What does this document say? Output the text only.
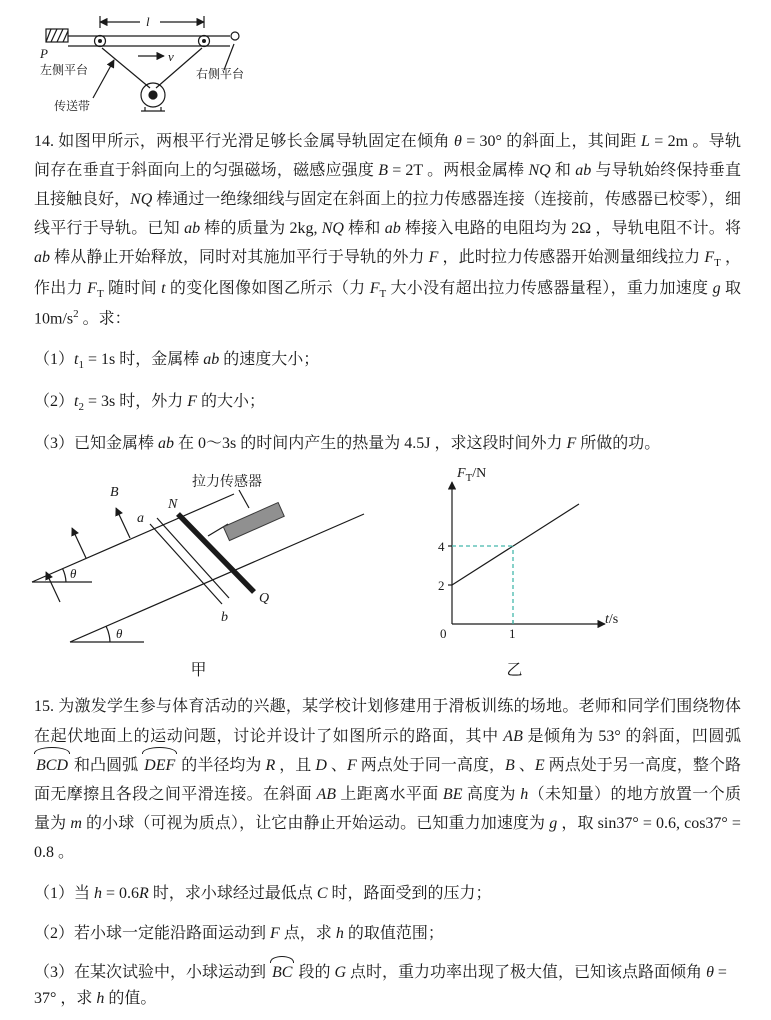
P
l
v
左侧平台	右侧平台
传送带

14. 如图甲所示，两根平行光滑足够长金属导轨固定在倾角 θ = 30° 的斜面上，其间距 L = 2m 。导轨间存在垂直于斜面向上的匀强磁场，磁感应强度 B = 2T 。两根金属棒 NQ 和 ab 与导轨始终保持垂直且接触良好，NQ 棒通过一绝缘细线与固定在斜面上的拉力传感器连接（连接前，传感器已校零），细线平行于导轨。已知 ab 棒的质量为 2kg, NQ 棒和 ab 棒接入电路的电阻均为 2Ω ，导轨电阻不计。将 ab 棒从静止开始释放，同时对其施加平行于导轨的外力 F ，此时拉力传感器开始测量细线拉力 $F_T$ ，作出力 $F_T$ 随时间 t 的变化图像如图乙所示（力 $F_T$ 大小没有超出拉力传感器量程），重力加速度 g 取 $10m/s^2$ 。求：

$(1)t_1 = 1s$ 时，金属棒 ab 的速度大小；

$(2)t_2 = 3s$ 时，外力 F 的大小；

（3）已知金属棒 ab 在 0～3s 的时间内产生的热量为 4.5J ，求这段时间外力 F 所做的功。

θ
θ
B
N
a
b
Q
拉力传感器
甲
4
2
0	1
$F_T/N$
t/s
乙

15. 为激发学生参与体育活动的兴趣，某学校计划修建用于滑板训练的场地。老师和同学们围绕物体在起伏地面上的运动问题，讨论并设计了如图所示的路面，其中 AB 是倾角为 53° 的斜面，凹圆弧 BCD 和凸圆弧 DEF 的半径均为 R ，且 D 、F 两点处于同一高度，B 、E 两点处于另一高度，整个路面无摩擦且各段之间平滑连接。在斜面 AB 上距离水平面 BE 高度为 h（未知量）的地方放置一个质量为 m 的小球（可视为质点），让它由静止开始运动。已知重力加速度为 g ，取 sin37° = 0.6, cos37° = 0.8 。

（1）当 h = 0.6R 时，求小球经过最低点 C 时，路面受到的压力；

（2）若小球一定能沿路面运动到 F 点，求 h 的取值范围；

（3）在某次试验中，小球运动到 BC 段的 G 点时，重力功率出现了极大值，已知该点路面倾角 θ = 37° ，求 h 的值。
